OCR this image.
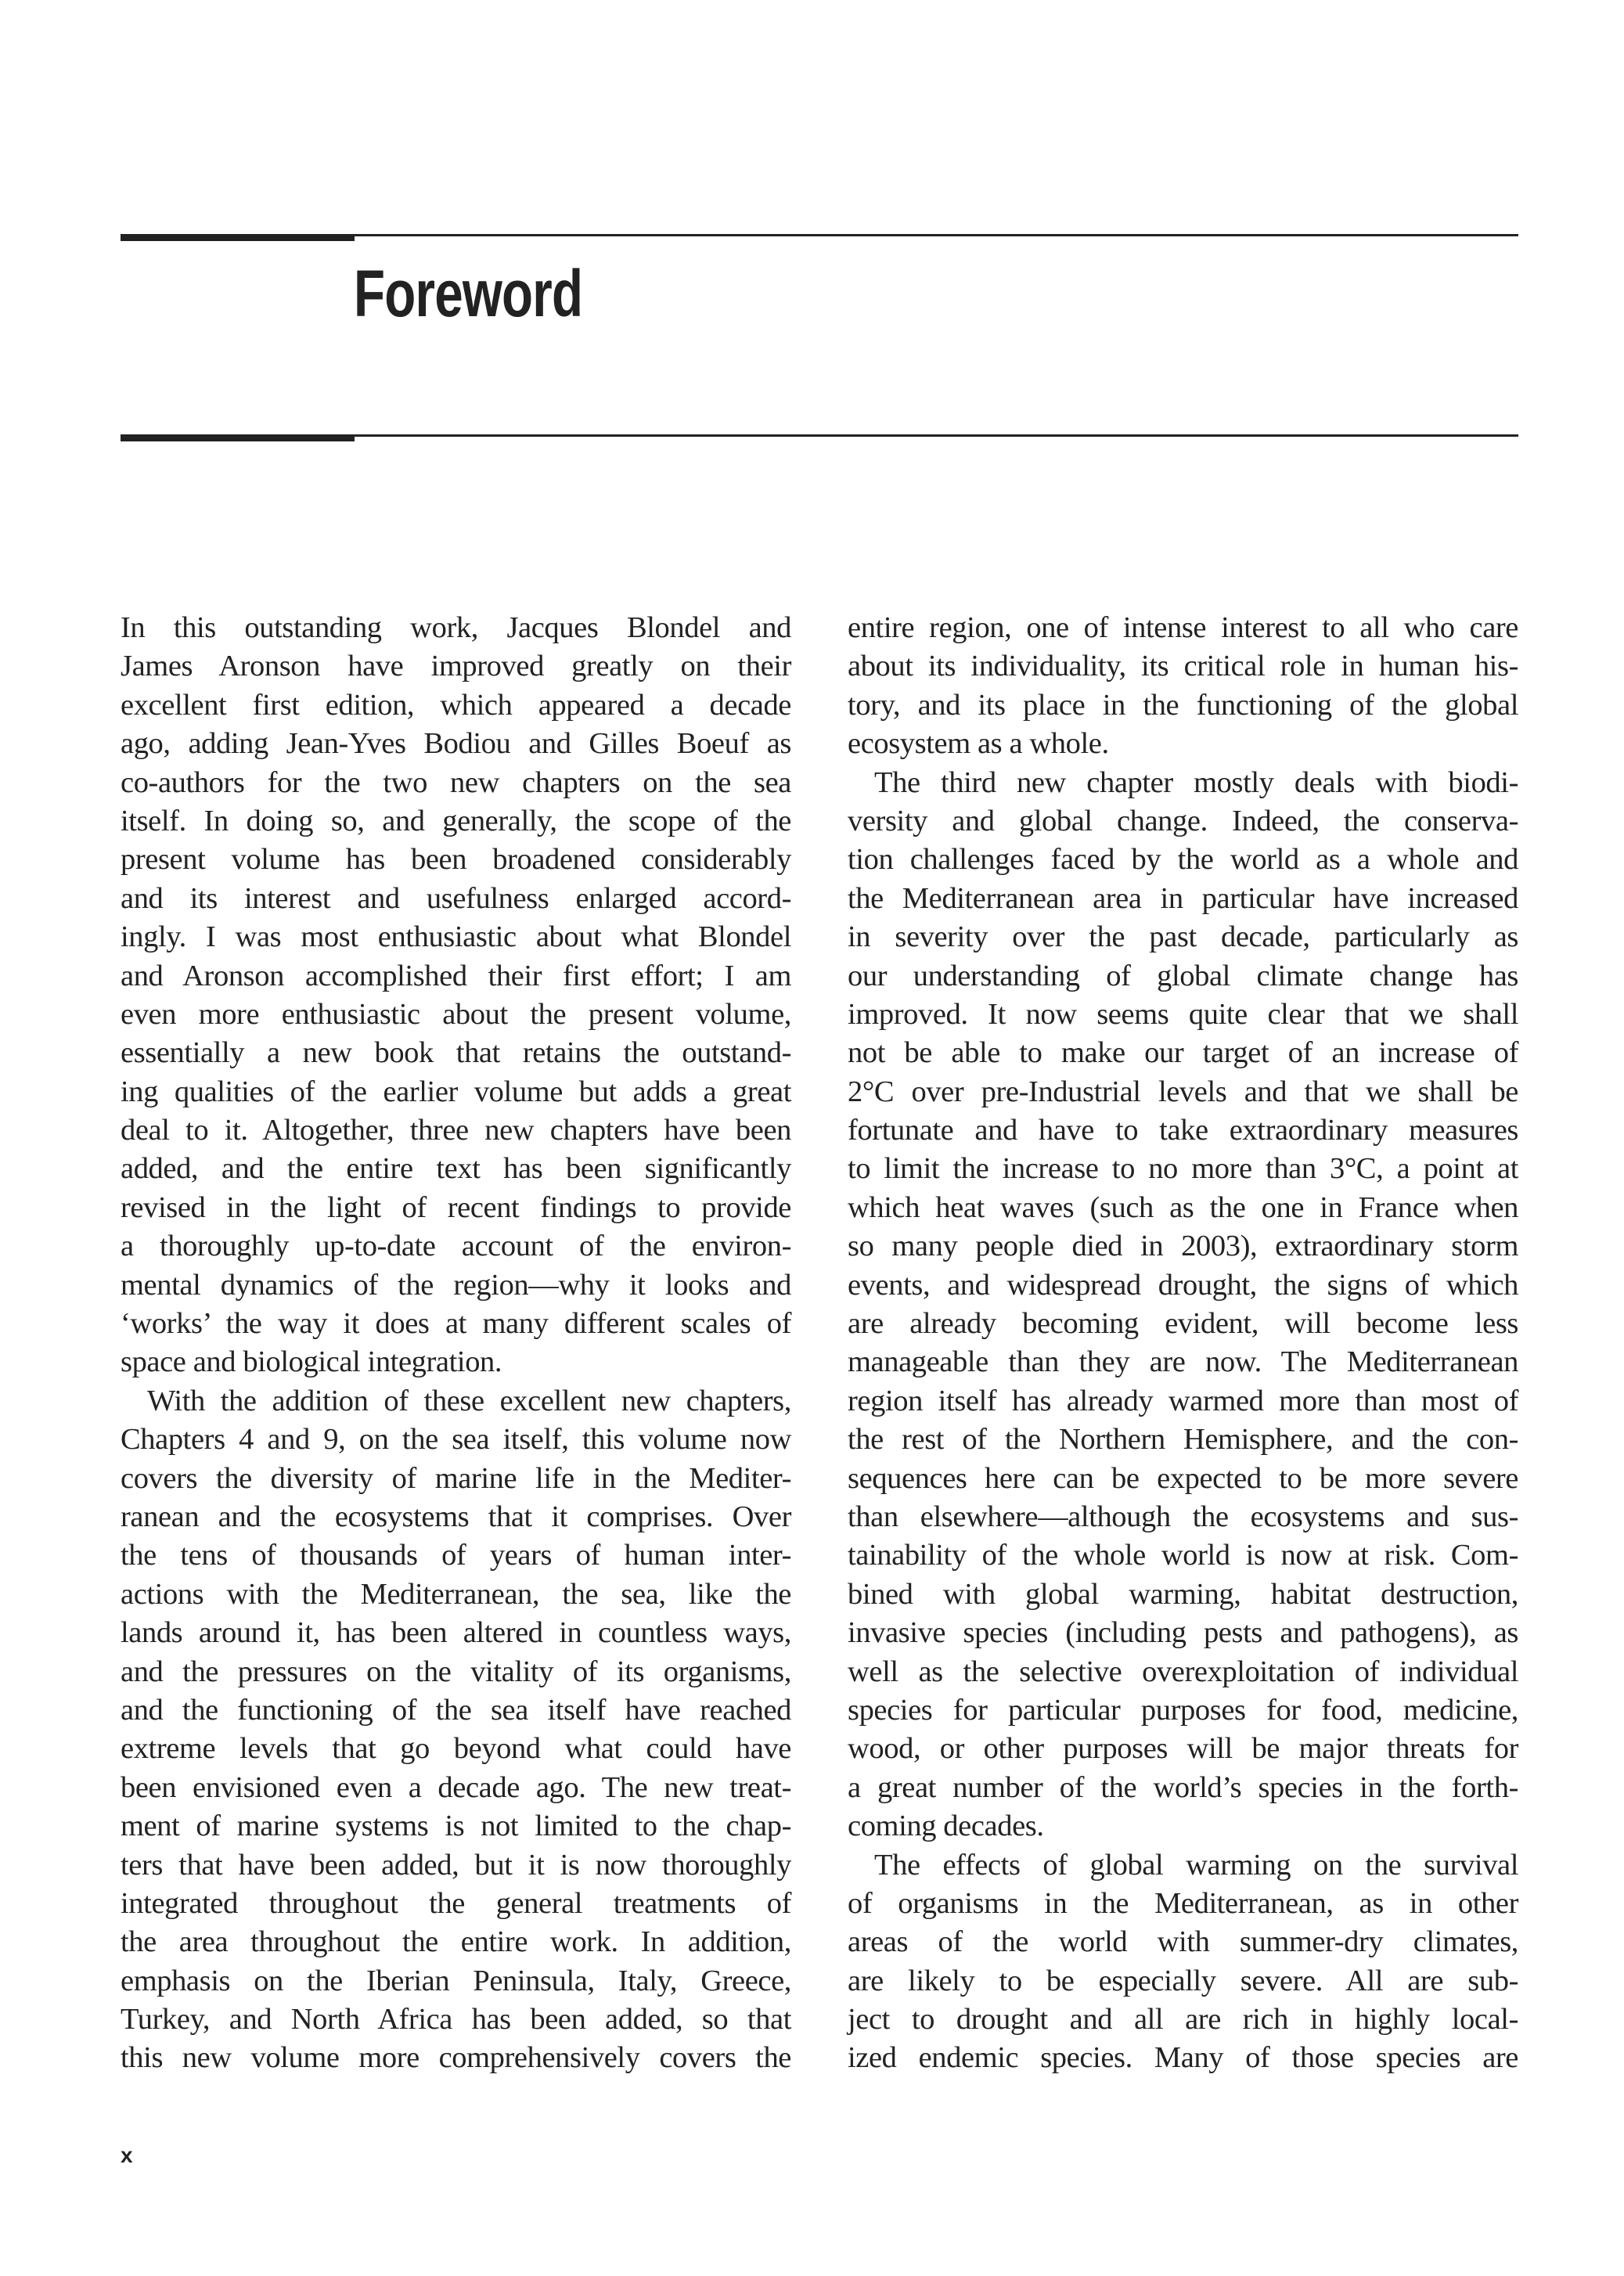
Foreword
In this outstanding work, Jacques Blondel and
James Aronson have improved greatly on their
excellent first edition, which appeared a decade
ago, adding Jean-Yves Bodiou and Gilles Boeuf as
co-authors for the two new chapters on the sea
itself. In doing so, and generally, the scope of the
present volume has been broadened considerably
and its interest and usefulness enlarged accord-
ingly. I was most enthusiastic about what Blondel
and Aronson accomplished their first effort; I am
even more enthusiastic about the present volume,
essentially a new book that retains the outstand-
ing qualities of the earlier volume but adds a great
deal to it. Altogether, three new chapters have been
added, and the entire text has been significantly
revised in the light of recent findings to provide
a thoroughly up-to-date account of the environ-
mental dynamics of the region—why it looks and
‘works’ the way it does at many different scales of
space and biological integration.
With the addition of these excellent new chapters,
Chapters 4 and 9, on the sea itself, this volume now
covers the diversity of marine life in the Mediter-
ranean and the ecosystems that it comprises. Over
the tens of thousands of years of human inter-
actions with the Mediterranean, the sea, like the
lands around it, has been altered in countless ways,
and the pressures on the vitality of its organisms,
and the functioning of the sea itself have reached
extreme levels that go beyond what could have
been envisioned even a decade ago. The new treat-
ment of marine systems is not limited to the chap-
ters that have been added, but it is now thoroughly
integrated throughout the general treatments of
the area throughout the entire work. In addition,
emphasis on the Iberian Peninsula, Italy, Greece,
Turkey, and North Africa has been added, so that
this new volume more comprehensively covers the
entire region, one of intense interest to all who care
about its individuality, its critical role in human his-
tory, and its place in the functioning of the global
ecosystem as a whole.
The third new chapter mostly deals with biodi-
versity and global change. Indeed, the conserva-
tion challenges faced by the world as a whole and
the Mediterranean area in particular have increased
in severity over the past decade, particularly as
our understanding of global climate change has
improved. It now seems quite clear that we shall
not be able to make our target of an increase of
2°C over pre-Industrial levels and that we shall be
fortunate and have to take extraordinary measures
to limit the increase to no more than 3°C, a point at
which heat waves (such as the one in France when
so many people died in 2003), extraordinary storm
events, and widespread drought, the signs of which
are already becoming evident, will become less
manageable than they are now. The Mediterranean
region itself has already warmed more than most of
the rest of the Northern Hemisphere, and the con-
sequences here can be expected to be more severe
than elsewhere—although the ecosystems and sus-
tainability of the whole world is now at risk. Com-
bined with global warming, habitat destruction,
invasive species (including pests and pathogens), as
well as the selective overexploitation of individual
species for particular purposes for food, medicine,
wood, or other purposes will be major threats for
a great number of the world’s species in the forth-
coming decades.
The effects of global warming on the survival
of organisms in the Mediterranean, as in other
areas of the world with summer-dry climates,
are likely to be especially severe. All are sub-
ject to drought and all are rich in highly local-
ized endemic species. Many of those species are
x
